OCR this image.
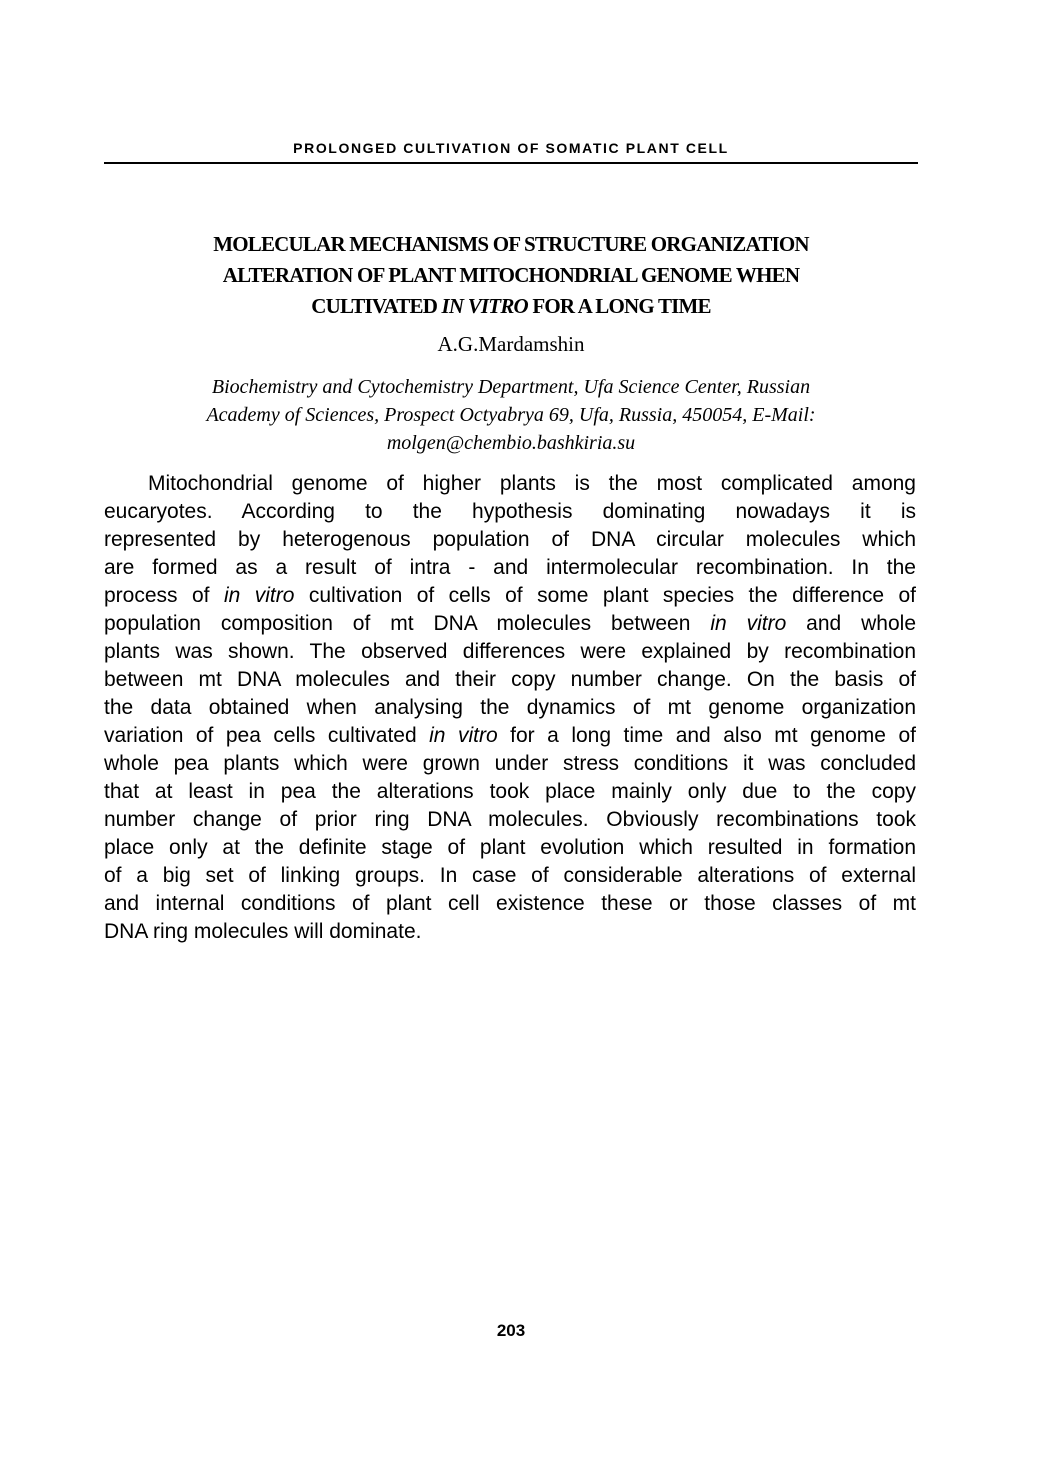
PROLONGED CULTIVATION OF SOMATIC PLANT CELL
MOLECULAR MECHANISMS OF STRUCTURE ORGANIZATION
ALTERATION OF PLANT MITOCHONDRIAL GENOME WHEN
CULTIVATED IN VITRO FOR A LONG TIME
A.G.Mardamshin
Biochemistry and Cytochemistry Department, Ufa Science Center, Russian
Academy of Sciences, Prospect Octyabrya 69, Ufa, Russia, 450054, E-Mail:
molgen@chembio.bashkiria.su
Mitochondrial genome of higher plants is the most complicated among
eucaryotes. According to the hypothesis dominating nowadays it is
represented by heterogenous population of DNA circular molecules which
are formed as a result of intra - and intermolecular recombination. In the
process of in vitro cultivation of cells of some plant species the difference of
population composition of mt DNA molecules between in vitro and whole
plants was shown. The observed differences were explained by recombination
between mt DNA molecules and their copy number change. On the basis of
the data obtained when analysing the dynamics of mt genome organization
variation of pea cells cultivated in vitro for a long time and also mt genome of
whole pea plants which were grown under stress conditions it was concluded
that at least in pea the alterations took place mainly only due to the copy
number change of prior ring DNA molecules. Obviously recombinations took
place only at the definite stage of plant evolution which resulted in formation
of a big set of linking groups. In case of considerable alterations of external
and internal conditions of plant cell existence these or those classes of mt
DNA ring molecules will dominate.
203
